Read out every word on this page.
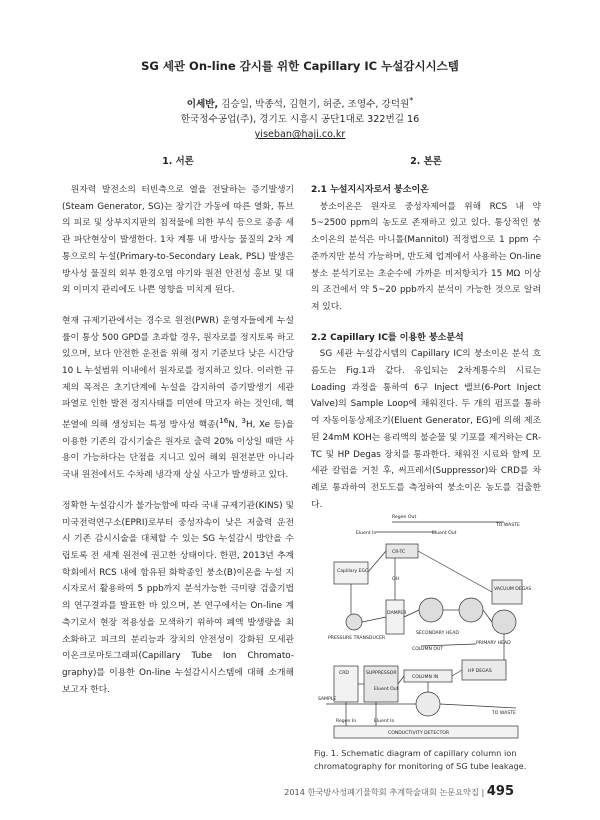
SG 세관 On-line 감시를 위한 Capillary IC 누설감시시스템
이세반, 김승일, 박종석, 김현기, 허준, 조영수, 강덕원*
한국정수공업(주), 경기도 시흥시 공단1대로 322번길 16
yiseban@haji.co.kr
1. 서론

원자력 발전소의 터빈측으로 열을 전달하는 증기발생기(Steam Generator, SG)는 장기간 가동에 따른 열화, 튜브의 피로 및 상부지지판의 침적물에 의한 부식 등으로 종종 세관 파단현상이 발생한다. 1차 계통 내 방사능 물질의 2차 계통으로의 누설(Primary-to-Secondary Leak, PSL) 발생은 방사성 물질의 외부 환경오염 야기와 원전 안전성 홍보 및 대외 이미지 관리에도 나쁜 영향을 미치게 된다.

현재 규제기관에서는 경수로 원전(PWR) 운영자들에게 누설률이 통상 500 GPD를 초과할 경우, 원자로를 정지토록 하고 있으며, 보다 안전한 운전을 위해 정지 기준보다 낮은 시간당 10 L 누설범위 이내에서 원자로를 정지하고 있다. 이러한 규제의 목적은 초기단계에 누설을 감지하여 증기발생기 세관 파열로 인한 발전 정지사태를 미연에 막고자 하는 것인데, 핵분열에 의해 생성되는 특정 방사성 핵종($^{16}$N, $^3$H, Xe 등)을 이용한 기존의 감시기술은 원자로 출력 20% 이상일 때만 사용이 가능하다는 단점을 지니고 있어 해외 원전분만 아니라 국내 원전에서도 수차례 냉각재 상실 사고가 발생하고 있다.

정확한 누설감시가 불가능함에 따라 국내 규제기관(KINS) 및 미국전력연구소(EPRI)로부터 중성자속이 낮은 저출력 운전시 기존 감시시술을 대체할 수 있는 SG 누설감시 방안을 수립토록 전 세계 원전에 권고한 상태이다. 한편, 2013년 추계학회에서 RCS 내에 함유된 화학종인 붕소(B)이온을 누설 지시자로서 활용하여 5 ppb까지 분석가능한 극미량 검출기법의 연구결과를 발표한 바 있으며, 본 연구에서는 On-line 계측기로서 현장 적용성을 모색하기 위하여 폐액 발생량을 최소화하고 피크의 분리능과 장치의 안전성이 강화된 모세관 이온크로마토그래피(Capillary Tube Ion Chromato- graphy)를 이용한 On-line 누설감시시스템에 대해 소개해 보고자 한다.

2. 본론
2.1 누설지시자로서 붕소이온

붕소이온은 원자로 중성자제어를 위해 RCS 내 약 5~2500 ppm의 농도로 존재하고 있고 있다. 통상적인 붕소이온의 분석은 마니톨(Mannitol) 적정법으로 1 ppm 수준까지만 분석 가능하며, 반도체 업계에서 사용하는 On-line 붕소 분석기로는 초순수에 가까운 비저항치가 15 MΩ 이상의 조건에서 약 5~20 ppb까지 분석이 가능한 것으로 알려져 있다.

2.2 Capillary IC를 이용한 붕소분석

SG 세관 누설감시템의 Capillary IC의 붕소이온 분석 흐름도는 Fig.1과 같다. 유입되는 2차계통수의 시료는 Loading 과정을 통하여 6구 Inject 밸브(6-Port Inject Valve)의 Sample Loop에 채워진다. 두 개의 펌프를 통하여 자동이동상제조기(Eluent Generator, EG)에 의해 제조된 24mM KOH는 용리액의 불순물 및 기포를 제거하는 CR-TC 및 HP Degas 장치를 통과한다. 채워진 시료와 함께 모세관 칼럼을 거친 후, 써프레서(Suppressor)와 CRD를 차례로 통과하여 전도도를 측정하여 붕소이온 농도를 검출한다.

Regen Out
Eluent In	Eluent Out
TO WASTE
Capillary EGC
CR-TC
VACUUM DEGAS
DAMPER
OH
PRESSURE TRANSDUCER
SECONDARY HEAD
PRIMARY HEAD
COLUMN OUT
HP DEGAS
CRD	SUPPRESSOR
COLUMN IN
SAMPLE
TO WASTE
CONDUCTIVITY DETECTOR
Regen In
Eluent Out
Eluent In
Fig. 1. Schematic diagram of capillary column ion chromatography for monitoring of SG tube leakage.
2014 한국방사성폐기물학회 추계학술대회 논문요약집 | 495
